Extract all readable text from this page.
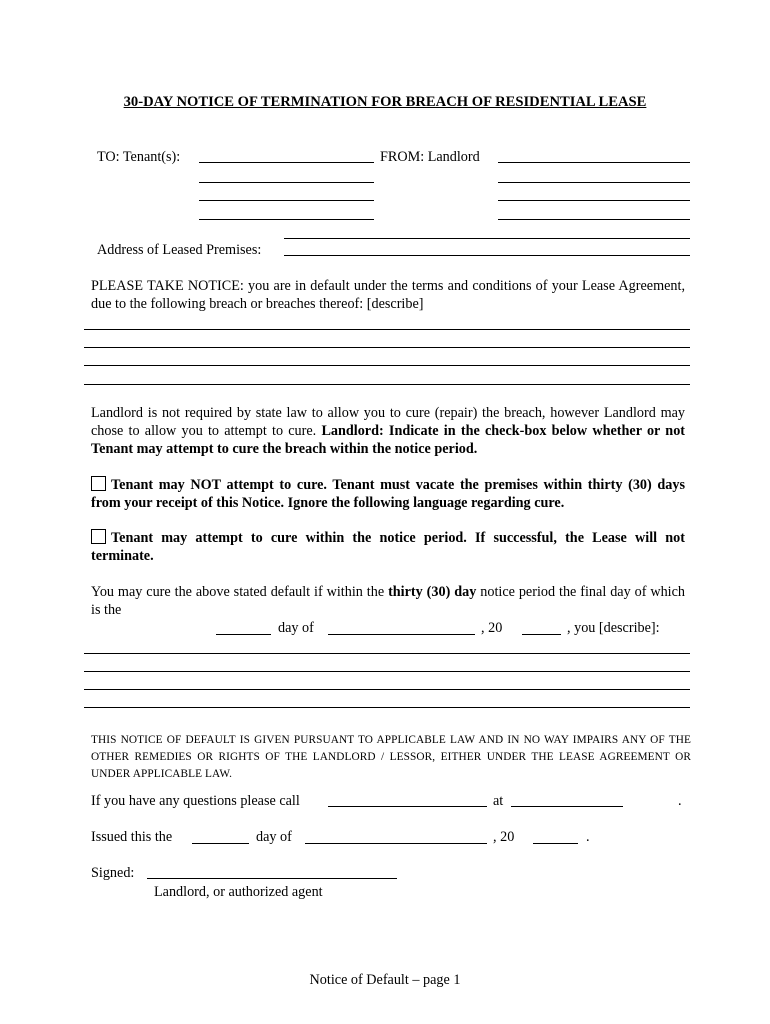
30-DAY NOTICE OF TERMINATION FOR BREACH OF RESIDENTIAL LEASE
TO: Tenant(s):	FROM: Landlord
Address of Leased Premises:
PLEASE TAKE NOTICE: you are in default under the terms and conditions of your Lease Agreement, due to the following breach or breaches thereof: [describe]
Landlord is not required by state law to allow you to cure (repair) the breach, however Landlord may chose to allow you to attempt to cure. Landlord: Indicate in the check-box below whether or not Tenant may attempt to cure the breach within the notice period.
Tenant may NOT attempt to cure. Tenant must vacate the premises within thirty (30) days from your receipt of this Notice. Ignore the following language regarding cure.
Tenant may attempt to cure within the notice period. If successful, the Lease will not terminate.
You may cure the above stated default if within the thirty (30) day notice period the final day of which is the
day of	, 20	, you [describe]:
THIS NOTICE OF DEFAULT IS GIVEN PURSUANT TO APPLICABLE LAW AND IN NO WAY IMPAIRS ANY OF THE OTHER REMEDIES OR RIGHTS OF THE LANDLORD / LESSOR, EITHER UNDER THE LEASE AGREEMENT OR UNDER APPLICABLE LAW.
If you have any questions please call	at	.
Issued this the	day of	, 20	.
Signed:
Landlord, or authorized agent
Notice of Default – page 1
